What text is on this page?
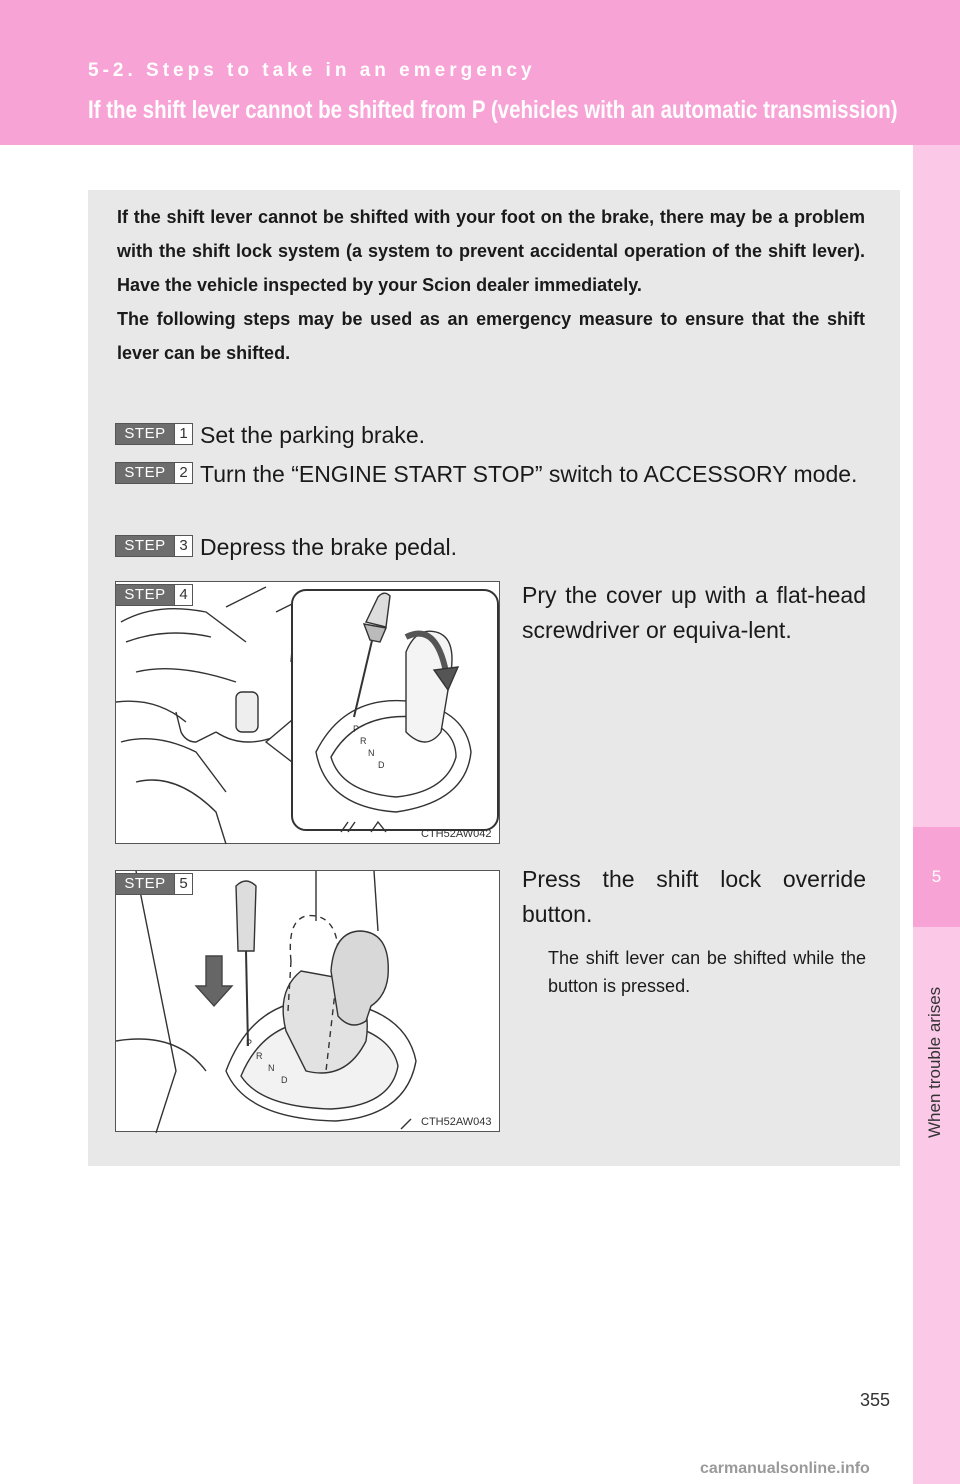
5-2. Steps to take in an emergency
If the shift lever cannot be shifted from P (vehicles with an automatic transmission)
5
When trouble arises

If the shift lever cannot be shifted with your foot on the brake, there may be a problem with the shift lock system (a system to prevent accidental operation of the shift lever). Have the vehicle inspected by your Scion dealer immediately.

The following steps may be used as an emergency measure to ensure that the shift lever can be shifted.

STEP 1 Set the parking brake.
STEP 2 Turn the “ENGINE START STOP” switch to ACCESSORY mode.
STEP 3 Depress the brake pedal.
P
R
N
D
CTH52AW042
STEP 4	Pry the cover up with a flat-head screwdriver or equiva-lent.
P
R
N
D
CTH52AW043
STEP 5	Press the shift lock override button.
The shift lever can be shifted while the button is pressed.
355
carmanualsonline.info
